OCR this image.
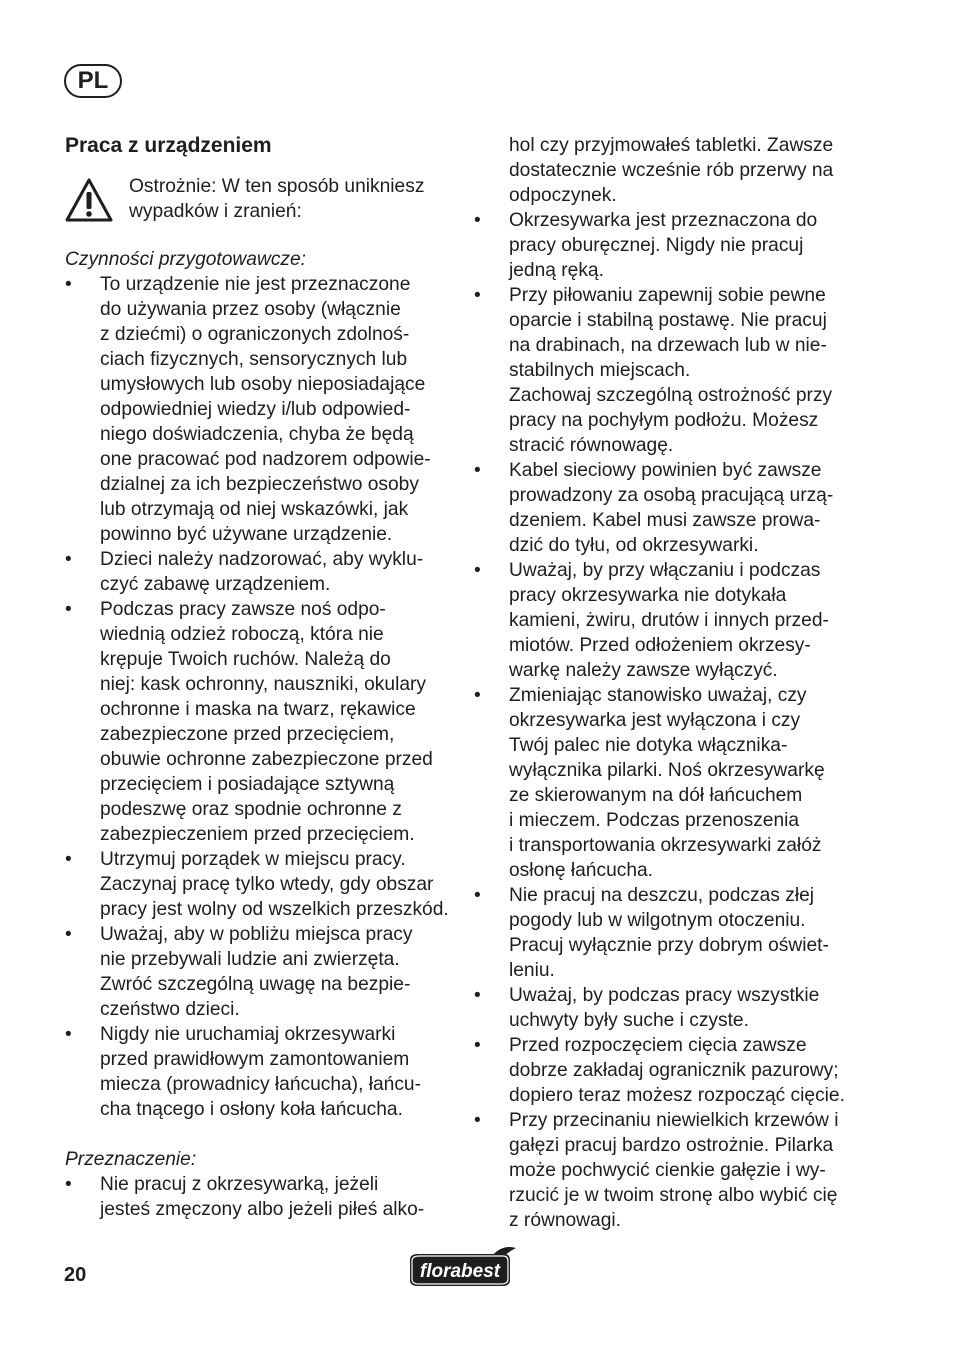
PL
Praca z urządzeniem
Ostrożnie: W ten sposób unikniesz
wypadków i zranień:

Czynności przygotowawcze:

• To urządzenie nie jest przeznaczone
do używania przez osoby (włącznie
z dziećmi) o ograniczonych zdolnoś-
ciach fizycznych, sensorycznych lub
umysłowych lub osoby nieposiadające
odpowiedniej wiedzy i/lub odpowied-
niego doświadczenia, chyba że będą
one pracować pod nadzorem odpowie-
dzialnej za ich bezpieczeństwo osoby
lub otrzymają od niej wskazówki, jak
powinno być używane urządzenie.
• Dzieci należy nadzorować, aby wyklu-
czyć zabawę urządzeniem.
• Podczas pracy zawsze noś odpo-
wiednią odzież roboczą, która nie
krępuje Twoich ruchów. Należą do
niej: kask ochronny, nauszniki, okulary
ochronne i maska na twarz, rękawice
zabezpieczone przed przecięciem,
obuwie ochronne zabezpieczone przed
przecięciem i posiadające sztywną
podeszwę oraz spodnie ochronne z
zabezpieczeniem przed przecięciem.
• Utrzymuj porządek w miejscu pracy.
Zaczynaj pracę tylko wtedy, gdy obszar
pracy jest wolny od wszelkich przeszkód.
• Uważaj, aby w pobliżu miejsca pracy
nie przebywali ludzie ani zwierzęta.
Zwróć szczególną uwagę na bezpie-
czeństwo dzieci.
• Nigdy nie uruchamiaj okrzesywarki
przed prawidłowym zamontowaniem
miecza (prowadnicy łańcucha), łańcu-
cha tnącego i osłony koła łańcucha.

Przeznaczenie:

• Nie pracuj z okrzesywarką, jeżeli
jesteś zmęczony albo jeżeli piłeś alko-
hol czy przyjmowałeś tabletki. Zawsze
dostatecznie wcześnie rób przerwy na
odpoczynek.
• Okrzesywarka jest przeznaczona do
pracy oburęcznej. Nigdy nie pracuj
jedną ręką.
• Przy piłowaniu zapewnij sobie pewne
oparcie i stabilną postawę. Nie pracuj
na drabinach, na drzewach lub w nie-
stabilnych miejscach.
Zachowaj szczególną ostrożność przy
pracy na pochyłym podłożu. Możesz
stracić równowagę.
• Kabel sieciowy powinien być zawsze
prowadzony za osobą pracującą urzą-
dzeniem. Kabel musi zawsze prowa-
dzić do tyłu, od okrzesywarki.
• Uważaj, by przy włączaniu i podczas
pracy okrzesywarka nie dotykała
kamieni, żwiru, drutów i innych przed-
miotów. Przed odłożeniem okrzesy-
warkę należy zawsze wyłączyć.
• Zmieniając stanowisko uważaj, czy
okrzesywarka jest wyłączona i czy
Twój palec nie dotyka włącznika-
wyłącznika pilarki. Noś okrzesywarkę
ze skierowanym na dół łańcuchem
i mieczem. Podczas przenoszenia
i transportowania okrzesywarki załóż
osłonę łańcucha.
• Nie pracuj na deszczu, podczas złej
pogody lub w wilgotnym otoczeniu.
Pracuj wyłącznie przy dobrym oświet-
leniu.
• Uważaj, by podczas pracy wszystkie
uchwyty były suche i czyste.
• Przed rozpoczęciem cięcia zawsze
dobrze zakładaj ogranicznik pazurowy;
dopiero teraz możesz rozpocząć cięcie.
• Przy przecinaniu niewielkich krzewów i
gałęzi pracuj bardzo ostrożnie. Pilarka
może pochwycić cienkie gałęzie i wy-
rzucić je w twoim stronę albo wybić cię
z równowagi.
20	florabest
